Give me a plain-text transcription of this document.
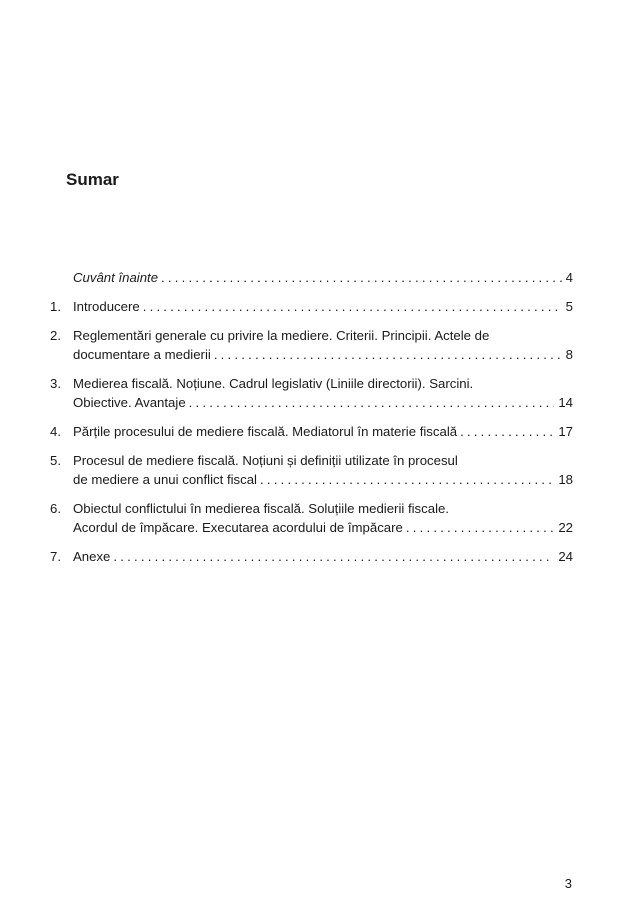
Sumar
Cuvânt înainte .....	4
1. Introducere .....	5
2. Reglementări generale cu privire la mediere. Criterii. Principii. Actele de
documentare a medierii .....	8
3. Medierea fiscală. Noțiune. Cadrul legislativ (Liniile directorii). Sarcini.
Obiective. Avantaje .....	14
4. Părțile procesului de mediere fiscală. Mediatorul în materie fiscală .....	17
5. Procesul de mediere fiscală. Noțiuni și definiții utilizate în procesul
de mediere a unui conflict fiscal .....	18
6. Obiectul conflictului în medierea fiscală. Soluțiile medierii fiscale.
Acordul de împăcare. Executarea acordului de împăcare .....	22
7. Anexe .....	24
3
